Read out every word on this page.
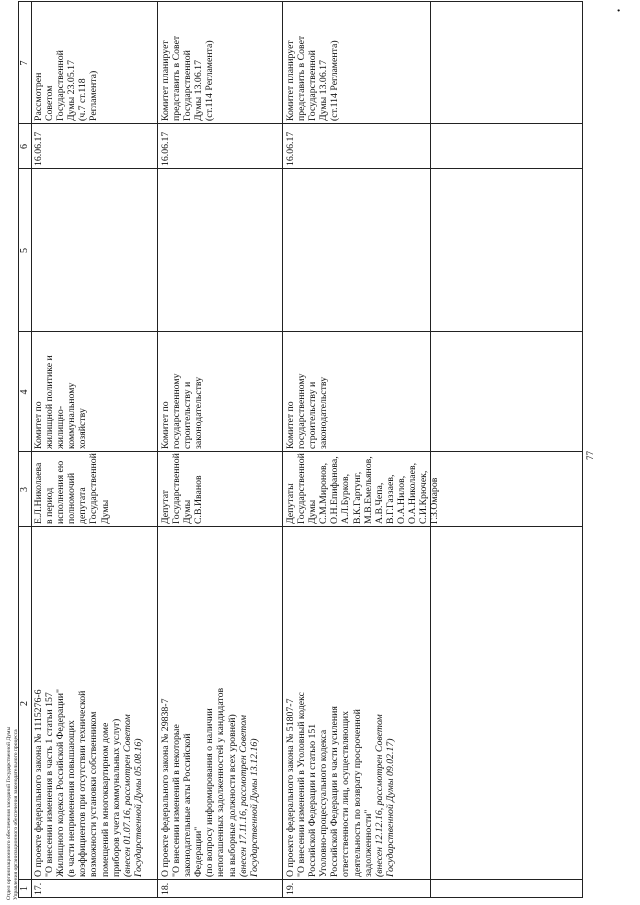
Отдел организационного обеспечения заседаний Государственной Думы Управления организационного обеспечения законодательного процесса
77
•
1
2
3
4
5
6
7
17.
О проекте федерального закона № 1115276-6
"О внесении изменения в часть 1 статьи 157
Жилищного кодекса Российской Федерации"
(в части неприменения повышающих
коэффициентов при отсутствии технической
возможности установки собственником
помещений в многоквартирном доме
приборов учета коммунальных услуг)
(внесен 01.07.16, рассмотрен Советом
Государственной Думы 05.08.16)
Е.Л.Николаева
в период
исполнения ею
полномочий
депутата
Государственной
Думы
Комитет по
жилищной политике и
жилищно-
коммунальному
хозяйству
16.06.17
Рассмотрен
Советом
Государственной
Думы 23.05.17
(ч.7 ст.118
Регламента)
18.
О проекте федерального закона № 29838-7
"О внесении изменений в некоторые
законодательные акты Российской
Федерации"
(по вопросу информирования о наличии
непогашенных задолженностей у кандидатов
на выборные должности всех уровней)
(внесен 17.11.16, рассмотрен Советом
Государственной Думы 13.12.16)
Депутат
Государственной
Думы
С.В.Иванов
Комитет по
государственному
строительству и
законодательству
16.06.17
Комитет планирует
представить в Совет
Государственной
Думы 13.06.17
(ст.114 Регламента)
19.
О проекте федерального закона № 51807-7
"О внесении изменений в Уголовный кодекс
Российской Федерации и статью 151
Уголовно-процессуального кодекса
Российской Федерации в части усиления
ответственности лиц, осуществляющих
деятельность по возврату просроченной
задолженности"
(внесен 12.12.16, рассмотрен Советом
Государственной Думы 09.02.17)
Депутаты
Государственной
Думы
С.М.Миронов,
О.Н.Епифанова,
А.Л.Бурков,
В.К.Гартунг,
М.В.Емельянов,
А.В.Чепа,
В.Г.Газзаев,
О.А.Нилов,
О.А.Николаев,
С.И.Крючек,
Г.З.Омаров
Комитет по
государственному
строительству и
законодательству
16.06.17
Комитет планирует
представить в Совет
Государственной
Думы 13.06.17
(ст.114 Регламента)
